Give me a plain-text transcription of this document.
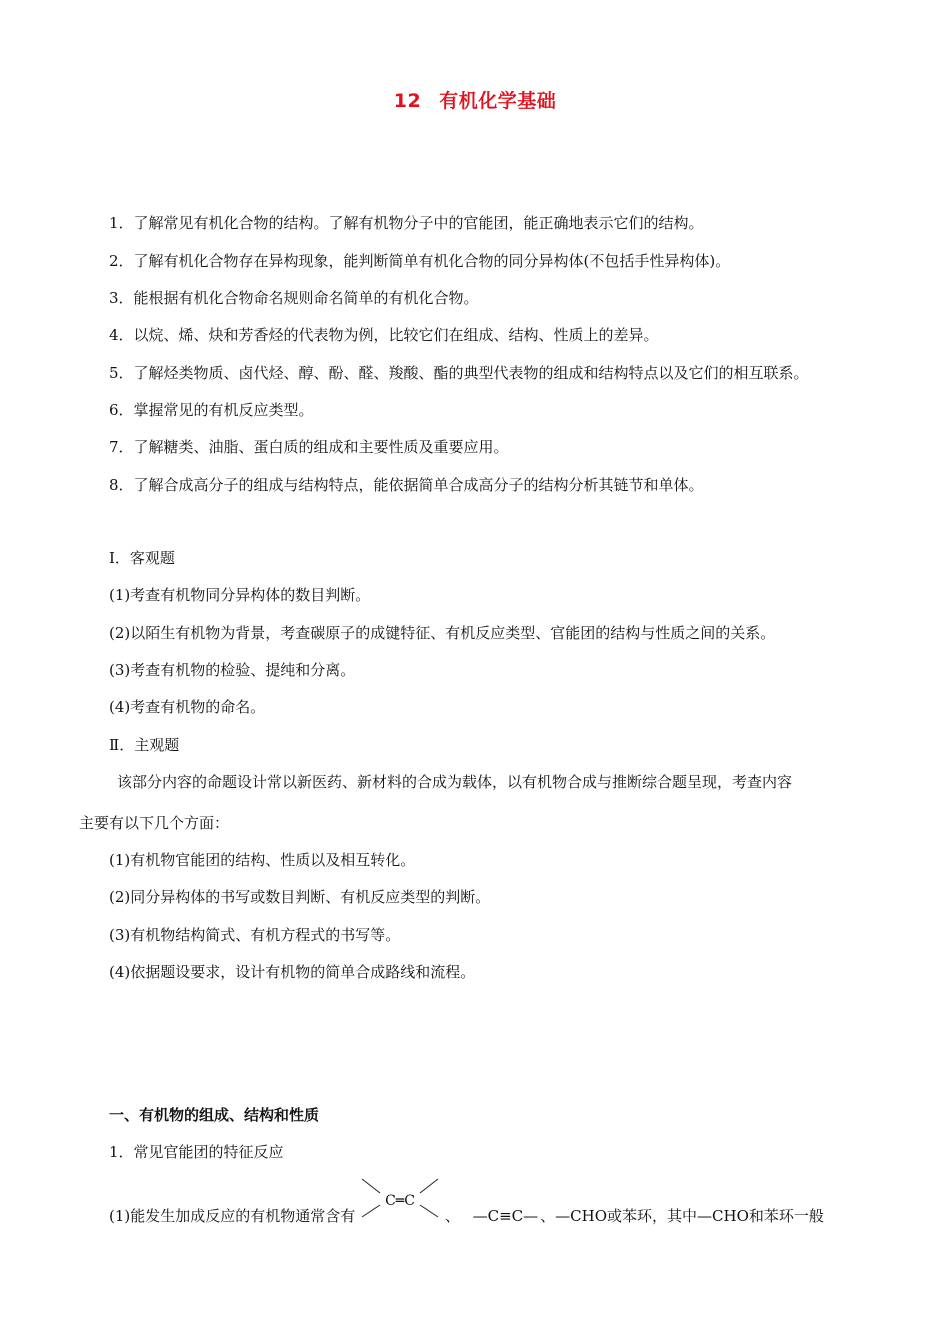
12 有机化学基础
1．了解常见有机化合物的结构。了解有机物分子中的官能团，能正确地表示它们的结构。
2．了解有机化合物存在异构现象，能判断简单有机化合物的同分异构体(不包括手性异构体)。
3．能根据有机化合物命名规则命名简单的有机化合物。
4．以烷、烯、炔和芳香烃的代表物为例，比较它们在组成、结构、性质上的差异。
5．了解烃类物质、卤代烃、醇、酚、醛、羧酸、酯的典型代表物的组成和结构特点以及它们的相互联系。
6．掌握常见的有机反应类型。
7．了解糖类、油脂、蛋白质的组成和主要性质及重要应用。
8．了解合成高分子的组成与结构特点，能依据简单合成高分子的结构分析其链节和单体。
Ⅰ．客观题
(1)考查有机物同分异构体的数目判断。
(2)以陌生有机物为背景，考查碳原子的成键特征、有机反应类型、官能团的结构与性质之间的关系。
(3)考查有机物的检验、提纯和分离。
(4)考查有机物的命名。
Ⅱ．主观题
该部分内容的命题设计常以新医药、新材料的合成为载体，以有机物合成与推断综合题呈现，考查内容
主要有以下几个方面：
(1)有机物官能团的结构、性质以及相互转化。
(2)同分异构体的书写或数目判断、有机反应类型的判断。
(3)有机物结构简式、有机方程式的书写等。
(4)依据题设要求，设计有机物的简单合成路线和流程。
一、有机物的组成、结构和性质
1．常见官能团的特征反应
(1)能发生加成反应的有机物通常含有
C═C
、 —C≡C— 、—CHO或苯环，其中—CHO和苯环一般
